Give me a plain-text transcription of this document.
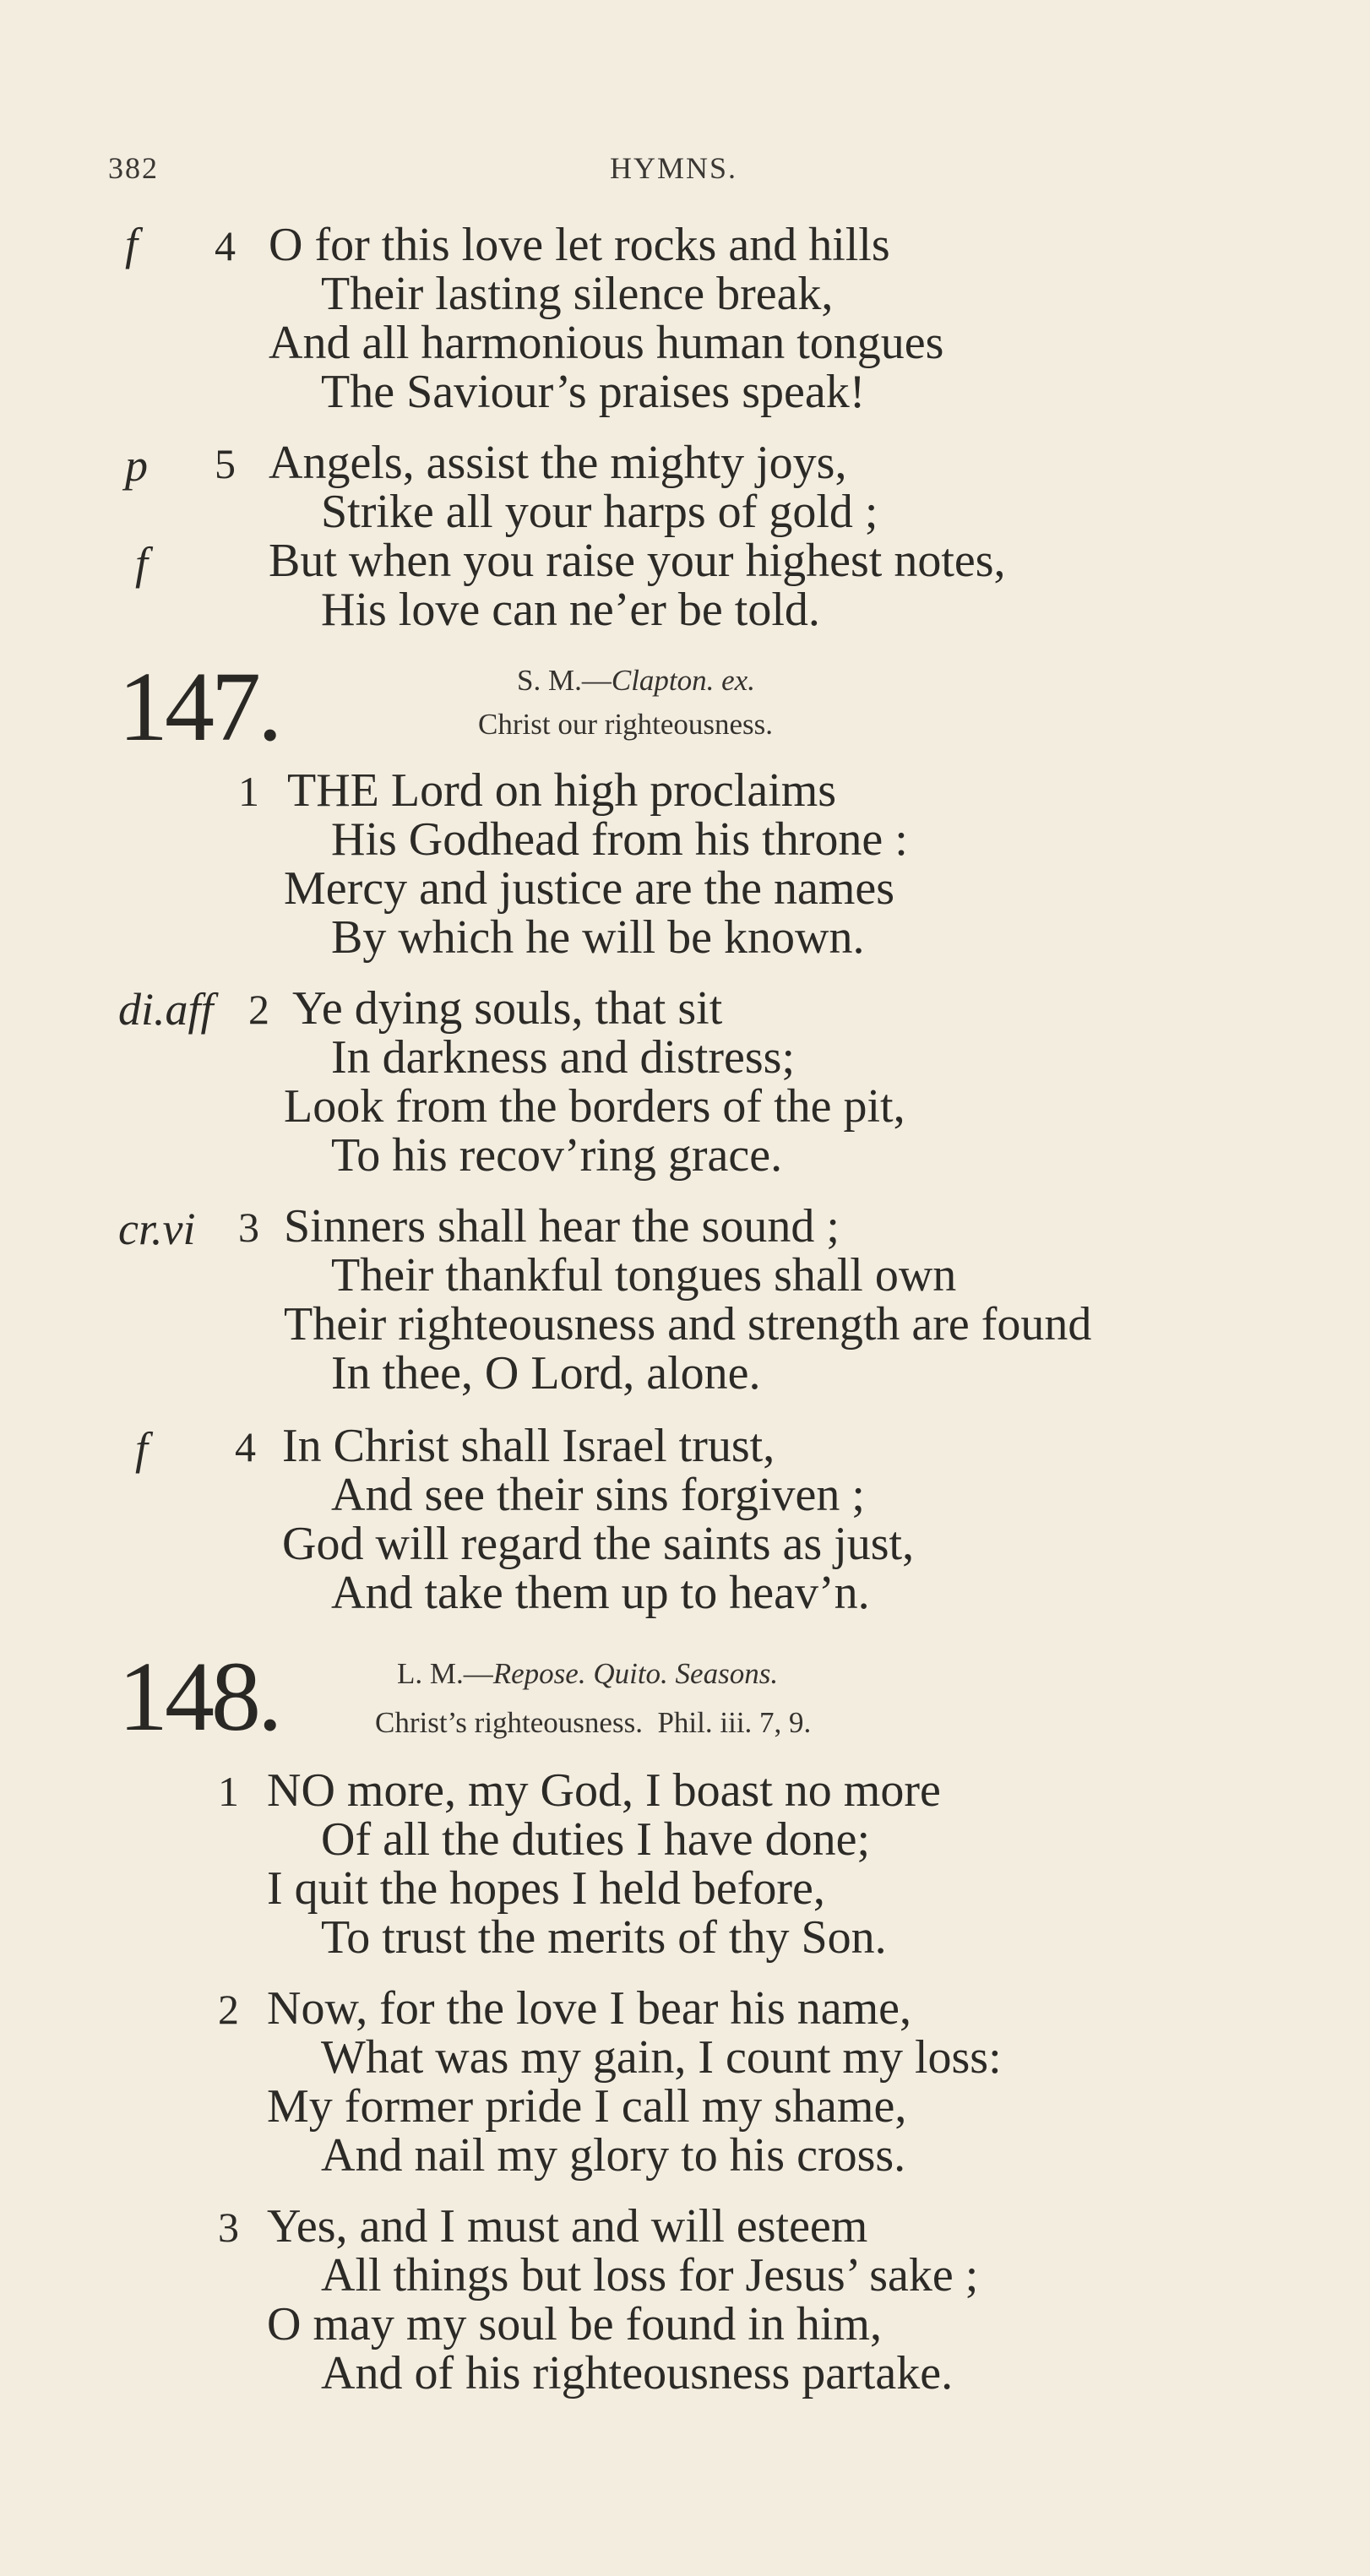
382	HYMNS.
f 4 O for this love let rocks and hills
Their lasting silence break,
And all harmonious human tongues
The Saviour’s praises speak!
p 5 Angels, assist the mighty joys,
Strike all your harps of gold ;
f	But when you raise your highest notes,
His love can ne’er be told.
147.	S. M.—Clapton. ex.
Christ our righteousness.
1 THE Lord on high proclaims
His Godhead from his throne :
Mercy and justice are the names
By which he will be known.
di.aff 2 Ye dying souls, that sit
In darkness and distress;
Look from the borders of the pit,
To his recov’ring grace.
cr.vi 3 Sinners shall hear the sound ;
Their thankful tongues shall own
Their righteousness and strength are found
In thee, O Lord, alone.
f 4 In Christ shall Israel trust,
And see their sins forgiven ;
God will regard the saints as just,
And take them up to heav’n.
148.	L. M.—Repose. Quito. Seasons.
Christ’s righteousness. Phil. iii. 7, 9.
1 NO more, my God, I boast no more
Of all the duties I have done;
I quit the hopes I held before,
To trust the merits of thy Son.
2 Now, for the love I bear his name,
What was my gain, I count my loss:
My former pride I call my shame,
And nail my glory to his cross.
3 Yes, and I must and will esteem
All things but loss for Jesus’ sake ;
O may my soul be found in him,
And of his righteousness partake.
